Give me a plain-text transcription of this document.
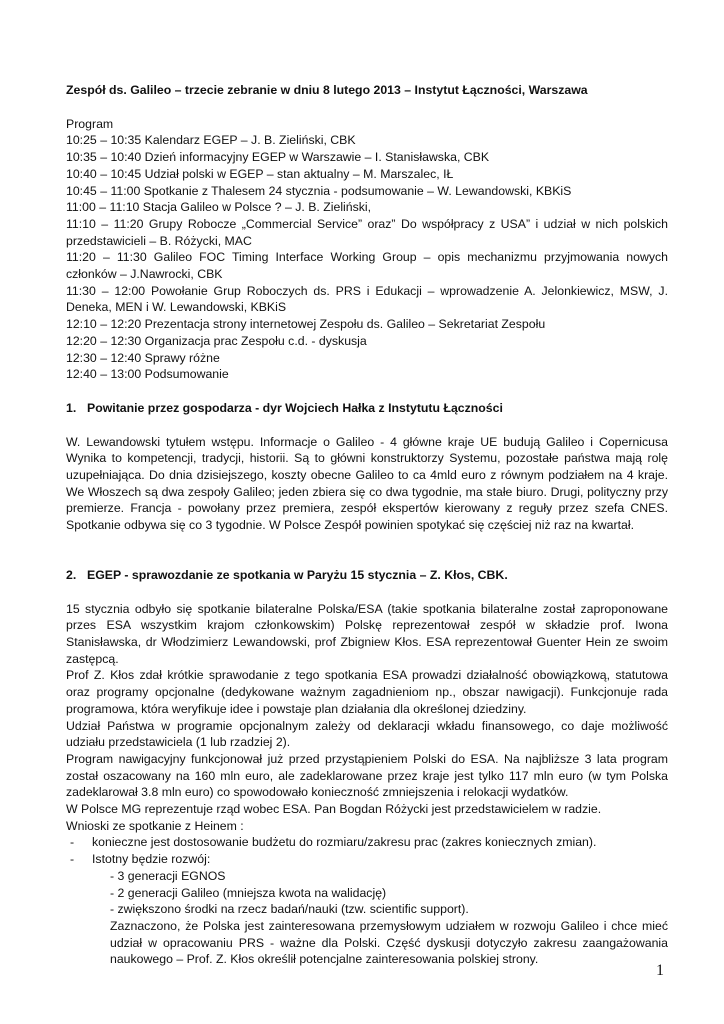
Zespół ds. Galileo – trzecie zebranie w dniu 8 lutego 2013 – Instytut Łączności, Warszawa

Program

10:25 – 10:35 Kalendarz EGEP – J. B. Zieliński, CBK

10:35 – 10:40 Dzień informacyjny EGEP w Warszawie – I. Stanisławska, CBK

10:40 – 10:45 Udział polski w EGEP – stan aktualny – M. Marszalec, IŁ

10:45 – 11:00 Spotkanie z Thalesem 24 stycznia - podsumowanie – W. Lewandowski, KBKiS

11:00 – 11:10 Stacja Galileo w Polsce ? – J. B. Zieliński,

11:10 – 11:20 Grupy Robocze „Commercial Service” oraz” Do współpracy z USA” i udział w nich polskich przedstawicieli – B. Różycki, MAC

11:20 – 11:30 Galileo FOC Timing Interface Working Group – opis mechanizmu przyjmowania nowych członków – J.Nawrocki, CBK

11:30 – 12:00 Powołanie Grup Roboczych ds. PRS i Edukacji – wprowadzenie A. Jelonkiewicz, MSW, J. Deneka, MEN i W. Lewandowski, KBKiS

12:10 – 12:20 Prezentacja strony internetowej Zespołu ds. Galileo – Sekretariat Zespołu

12:20 – 12:30 Organizacja prac Zespołu c.d. - dyskusja

12:30 – 12:40 Sprawy różne

12:40 – 13:00 Podsumowanie

1. Powitanie przez gospodarza - dyr Wojciech Hałka z Instytutu Łączności

W. Lewandowski tytułem wstępu. Informacje o Galileo - 4 główne kraje UE budują Galileo i Copernicusa Wynika to kompetencji, tradycji, historii. Są to główni konstruktorzy Systemu, pozostałe państwa mają rolę uzupełniająca. Do dnia dzisiejszego, koszty obecne Galileo to ca 4mld euro z równym podziałem na 4 kraje. We Włoszech są dwa zespoły Galileo; jeden zbiera się co dwa tygodnie, ma stałe biuro. Drugi, polityczny przy premierze. Francja - powołany przez premiera, zespół ekspertów kierowany z reguły przez szefa CNES. Spotkanie odbywa się co 3 tygodnie. W Polsce Zespół powinien spotykać się częściej niż raz na kwartał.

2. EGEP - sprawozdanie ze spotkania w Paryżu 15 stycznia – Z. Kłos, CBK.

15 stycznia odbyło się spotkanie bilateralne Polska/ESA (takie spotkania bilateralne został zaproponowane przes ESA wszystkim krajom członkowskim) Polskę reprezentował zespół w składzie prof. Iwona Stanisławska, dr Włodzimierz Lewandowski, prof Zbigniew Kłos. ESA reprezentował Guenter Hein ze swoim zastępcą.

Prof Z. Kłos zdał krótkie sprawodanie z tego spotkania ESA prowadzi działalność obowiązkową, statutowa oraz programy opcjonalne (dedykowane ważnym zagadnieniom np., obszar nawigacji). Funkcjonuje rada programowa, która weryfikuje idee i powstaje plan działania dla określonej dziedziny.

Udział Państwa w programie opcjonalnym zależy od deklaracji wkładu finansowego, co daje możliwość udziału przedstawiciela (1 lub rzadziej 2).

Program nawigacyjny funkcjonował już przed przystąpieniem Polski do ESA. Na najbliższe 3 lata program został oszacowany na 160 mln euro, ale zadeklarowane przez kraje jest tylko 117 mln euro (w tym Polska zadeklarował 3.8 mln euro) co spowodowało konieczność zmniejszenia i relokacji wydatków.

W Polsce MG reprezentuje rząd wobec ESA. Pan Bogdan Różycki jest przedstawicielem w radzie.

Wnioski ze spotkanie z Heinem :

-	konieczne jest dostosowanie budżetu do rozmiaru/zakresu prac (zakres koniecznych zmian).

-	Istotny będzie rozwój:

- 3 generacji EGNOS

- 2 generacji Galileo (mniejsza kwota na walidację)

- zwiększono środki na rzecz badań/nauki (tzw. scientific support).

Zaznaczono, że Polska jest zainteresowana przemysłowym udziałem w rozwoju Galileo i chce mieć udział w opracowaniu PRS - ważne dla Polski. Część dyskusji dotyczyło zakresu zaangażowania naukowego – Prof. Z. Kłos określił potencjalne zainteresowania polskiej strony.

1
